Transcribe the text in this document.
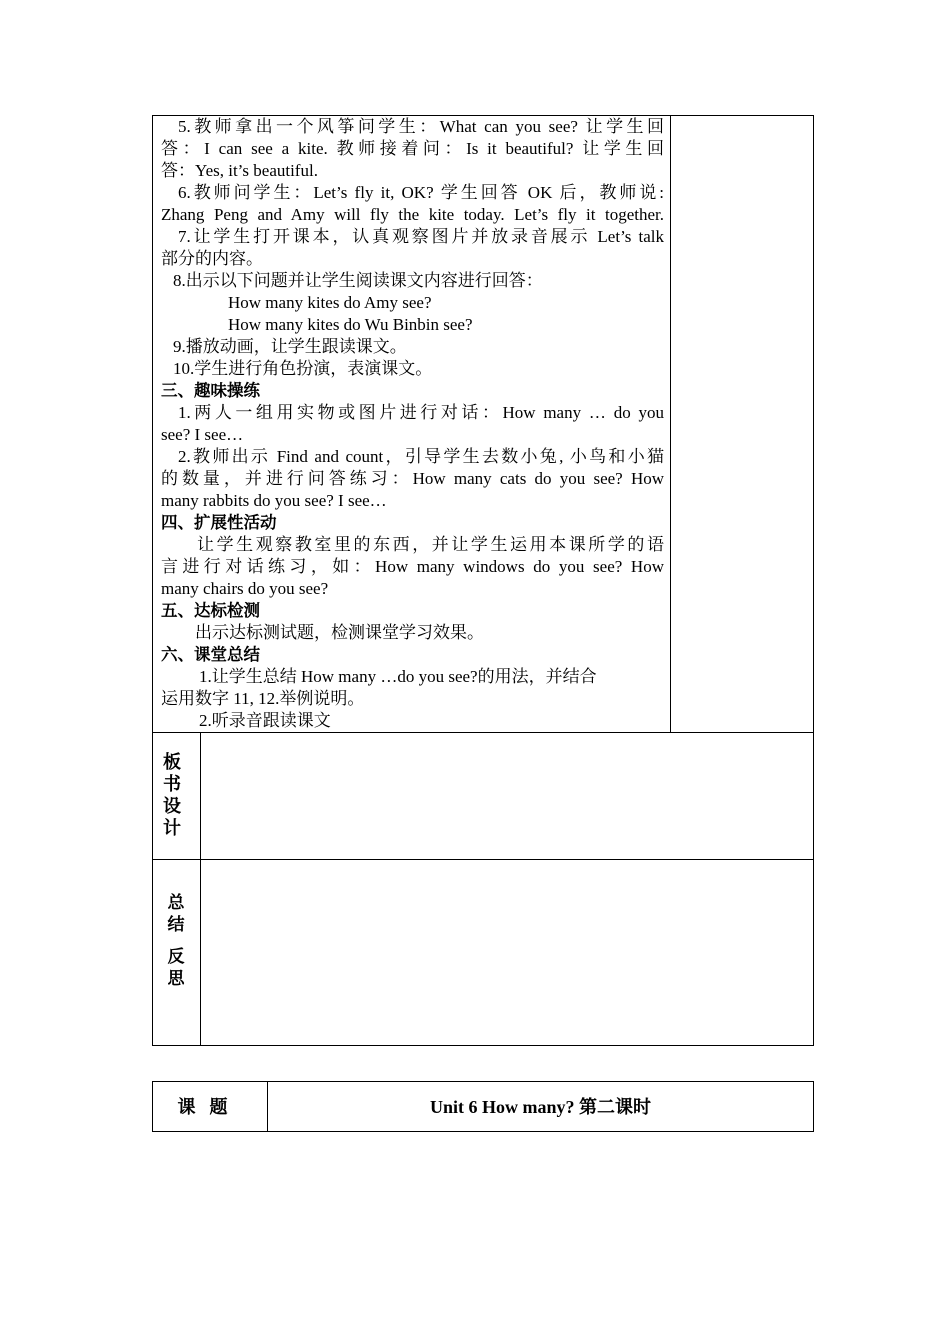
5.教师拿出一个风筝问学生：What can you see? 让学生回
答：I can see a kite. 教师接着问：Is it beautiful? 让学生回
答：Yes, it’s beautiful.
6.教师问学生：Let’s fly it, OK? 学生回答 OK 后，教师说:
Zhang Peng and Amy will fly the kite today. Let’s fly it together.
7.让学生打开课本，认真观察图片并放录音展示 Let’s talk
部分的内容。
8.出示以下问题并让学生阅读课文内容进行回答：
How many kites do Amy see?
How many kites do Wu Binbin see?
9.播放动画，让学生跟读课文。
10.学生进行角色扮演，表演课文。
三、趣味操练
1.两人一组用实物或图片进行对话：How many … do you
see? I see…
2.教师出示 Find and count，引导学生去数小兔, 小鸟和小猫
的数量，并进行问答练习：How many cats do you see? How
many rabbits do you see? I see…
四、扩展性活动
让学生观察教室里的东西，并让学生运用本课所学的语
言进行对话练习，如：How many windows do you see? How
many chairs do you see?
五、达标检测
出示达标测试题，检测课堂学习效果。
六、课堂总结
1.让学生总结 How many …do you see?的用法，并结合
运用数字 11, 12.举例说明。
2.听录音跟读课文
板
书
设
计
总
结
反
思
课题	Unit 6 How many? 第二课时
